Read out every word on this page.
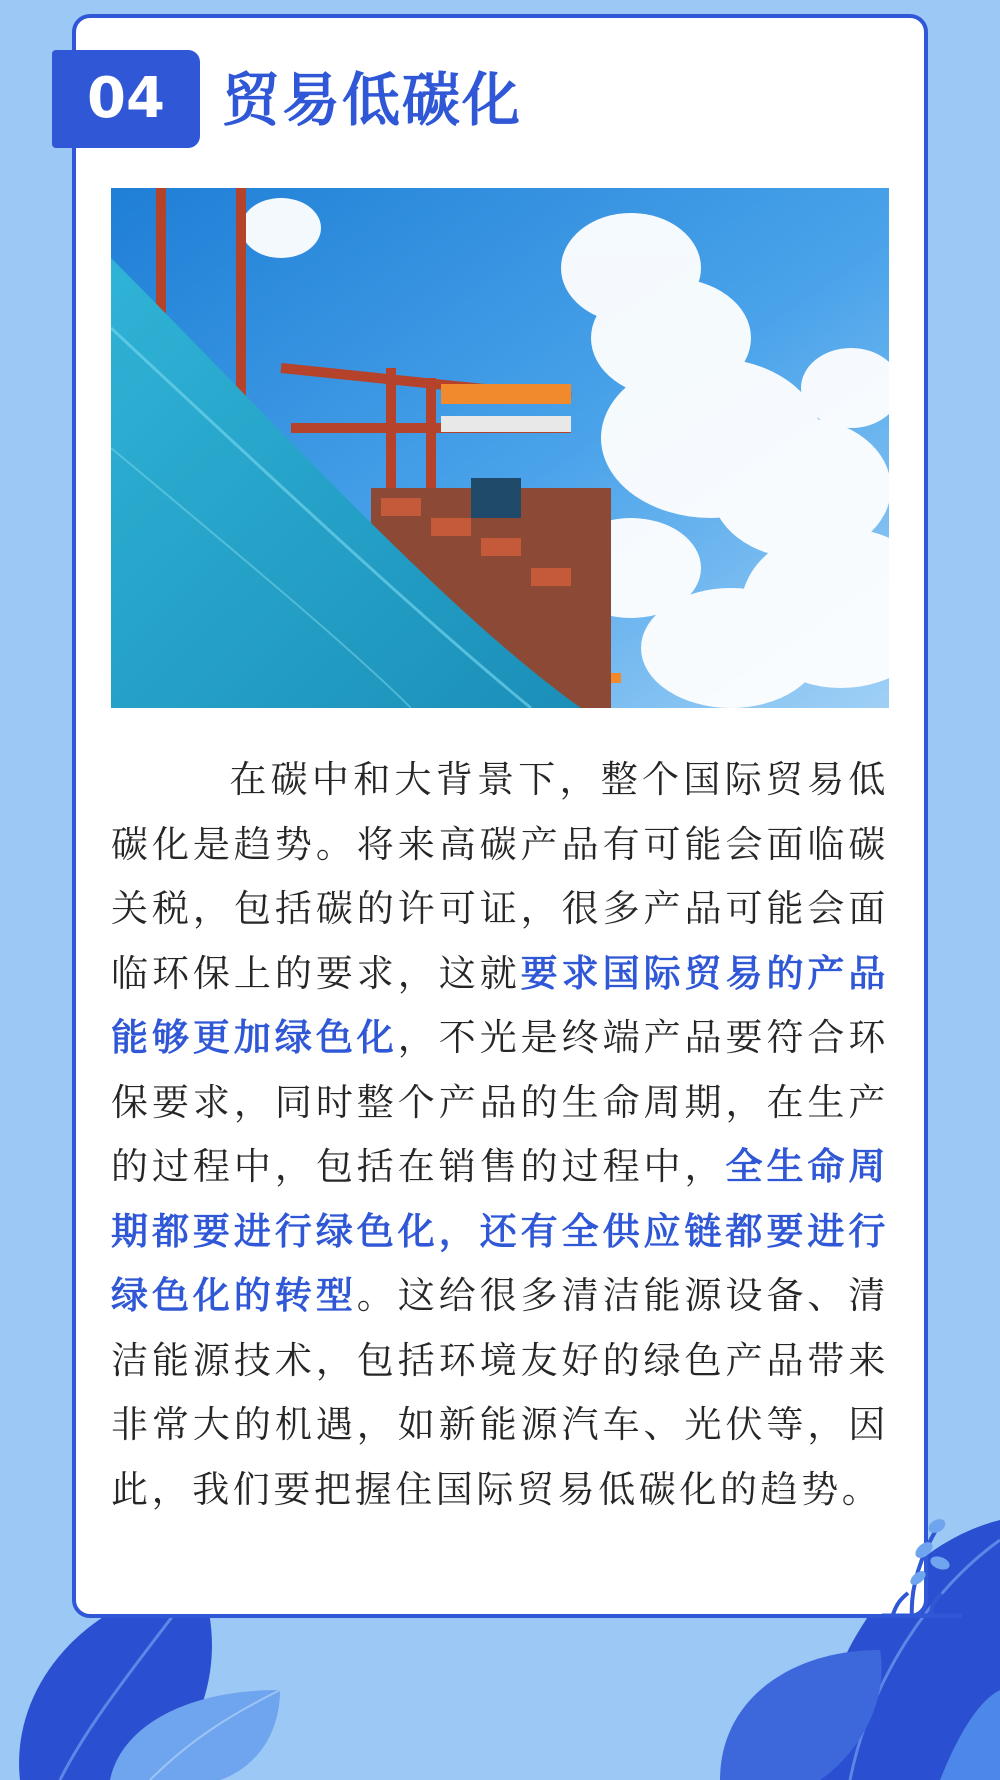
04 贸易低碳化

在碳中和大背景下，整个国际贸易低碳化是趋势。将来高碳产品有可能会面临碳关税，包括碳的许可证，很多产品可能会面临环保上的要求，这就要求国际贸易的产品能够更加绿色化，不光是终端产品要符合环保要求，同时整个产品的生命周期，在生产的过程中，包括在销售的过程中，全生命周期都要进行绿色化，还有全供应链都要进行绿色化的转型。这给很多清洁能源设备、清洁能源技术，包括环境友好的绿色产品带来非常大的机遇，如新能源汽车、光伏等，因此，我们要把握住国际贸易低碳化的趋势。
